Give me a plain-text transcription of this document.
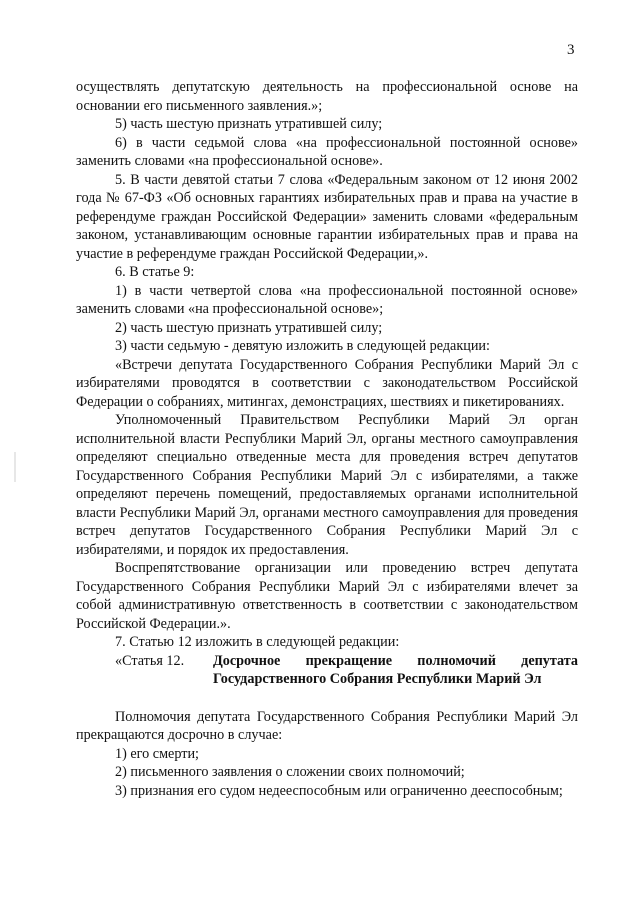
3

осуществлять депутатскую деятельность на профессиональной основе на основании его письменного заявления.»;

5) часть шестую признать утратившей силу;

6) в части седьмой слова «на профессиональной постоянной основе» заменить словами «на профессиональной основе».

5. В части девятой статьи 7 слова «Федеральным законом от 12 июня 2002 года № 67-ФЗ «Об основных гарантиях избирательных прав и права на участие в референдуме граждан Российской Федерации» заменить словами «федеральным законом, устанавливающим основные гарантии избирательных прав и права на участие в референдуме граждан Российской Федерации,».

6. В статье 9:

1) в части четвертой слова «на профессиональной постоянной основе» заменить словами «на профессиональной основе»;

2) часть шестую признать утратившей силу;

3) части седьмую - девятую изложить в следующей редакции:

«Встречи депутата Государственного Собрания Республики Марий Эл с избирателями проводятся в соответствии с законодательством Российской Федерации о собраниях, митингах, демонстрациях, шествиях и пикетированиях.

Уполномоченный Правительством Республики Марий Эл орган исполнительной власти Республики Марий Эл, органы местного самоуправления определяют специально отведенные места для проведения встреч депутатов Государственного Собрания Республики Марий Эл с избирателями, а также определяют перечень помещений, предоставляемых органами исполнительной власти Республики Марий Эл, органами местного самоуправления для проведения встреч депутатов Государственного Собрания Республики Марий Эл с избирателями, и порядок их предоставления.

Воспрепятствование организации или проведению встреч депутата Государственного Собрания Республики Марий Эл с избирателями влечет за собой административную ответственность в соответствии с законодательством Российской Федерации.».

7. Статью 12 изложить в следующей редакции:

«Статья 12.	Досрочное прекращение полномочий депутата Государственного Собрания Республики Марий Эл

Полномочия депутата Государственного Собрания Республики Марий Эл прекращаются досрочно в случае:

1) его смерти;

2) письменного заявления о сложении своих полномочий;

3) признания его судом недееспособным или ограниченно дееспособным;
